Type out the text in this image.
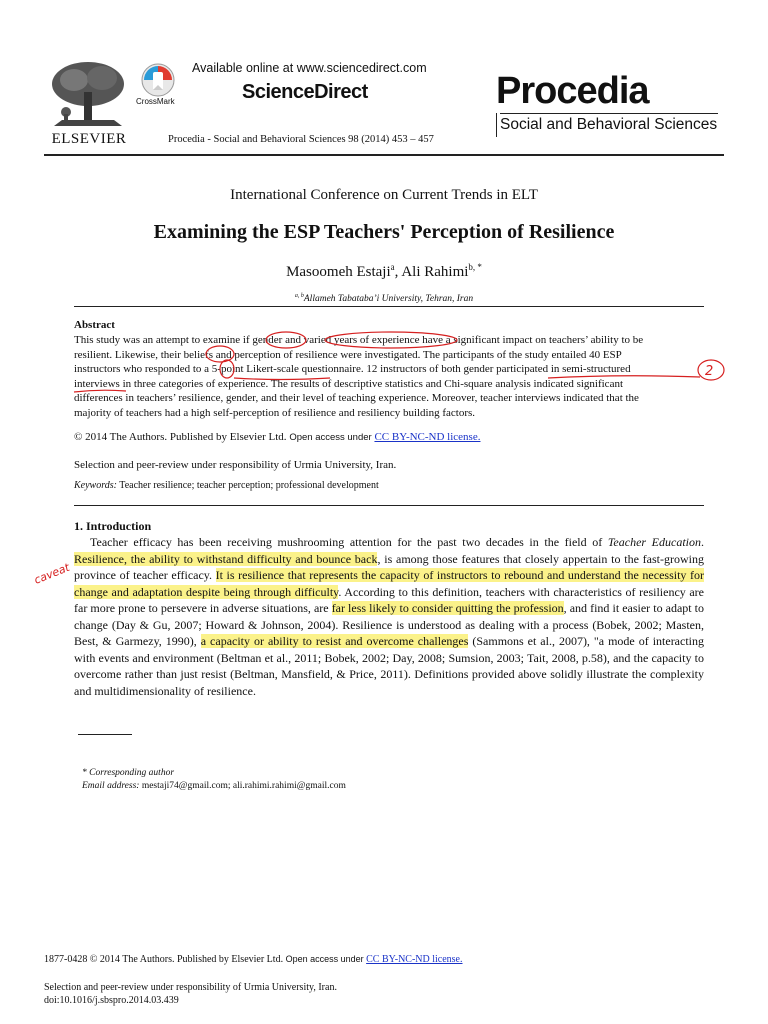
ELSEVIER
CrossMark
Available online at www.sciencedirect.com
ScienceDirect
Procedia - Social and Behavioral Sciences 98 (2014) 453 – 457
Procedia
Social and Behavioral Sciences
International Conference on Current Trends in ELT
Examining the ESP Teachers' Perception of Resilience
Masoomeh Estaji$^a$, Ali Rahimi$^{b, *}$
$^{a, b}$Allameh Tabataba’i University, Tehran, Iran
Abstract
This study was an attempt to examine if gender and varied years of experience have a significant impact on teachers’ ability to be
resilient. Likewise, their beliefs and perception of resilience were investigated. The participants of the study entailed 40 ESP
instructors who responded to a 5-point Likert-scale questionnaire. 12 instructors of both gender participated in semi-structured
interviews in three categories of experience. The results of descriptive statistics and Chi-square analysis indicated significant
differences in teachers’ resilience, gender, and their level of teaching experience. Moreover, teacher interviews indicated that the
majority of teachers had a high self-perception of resilience and resiliency building factors.
© 2014 The Authors. Published by Elsevier Ltd. Open access under CC BY-NC-ND license.
Selection and peer-review under responsibility of Urmia University, Iran.
Keywords: Teacher resilience; teacher perception; professional development
1. Introduction
Teacher efficacy has been receiving mushrooming attention for the past two decades in the field of Teacher Education. Resilience, the ability to withstand difficulty and bounce back, is among those features that closely appertain to the fast-growing province of teacher efficacy. It is resilience that represents the capacity of instructors to rebound and understand the necessity for change and adaptation despite being through difficulty. According to this definition, teachers with characteristics of resiliency are far more prone to persevere in adverse situations, are far less likely to consider quitting the profession, and find it easier to adapt to change (Day & Gu, 2007; Howard & Johnson, 2004). Resilience is understood as dealing with a process (Bobek, 2002; Masten, Best, & Garmezy, 1990), a capacity or ability to resist and overcome challenges (Sammons et al., 2007), "a mode of interacting with events and environment (Beltman et al., 2011; Bobek, 2002; Day, 2008; Sumsion, 2003; Tait, 2008, p.58), and the capacity to overcome rather than just resist (Beltman, Mansfield, & Price, 2011). Definitions provided above solidly illustrate the complexity and multidimensionality of resilience.
* Corresponding author
Email address: mestaji74@gmail.com; ali.rahimi.rahimi@gmail.com
1877-0428 © 2014 The Authors. Published by Elsevier Ltd. Open access under CC BY-NC-ND license.
Selection and peer-review under responsibility of Urmia University, Iran.
doi:10.1016/j.sbspro.2014.03.439
2
caveat
